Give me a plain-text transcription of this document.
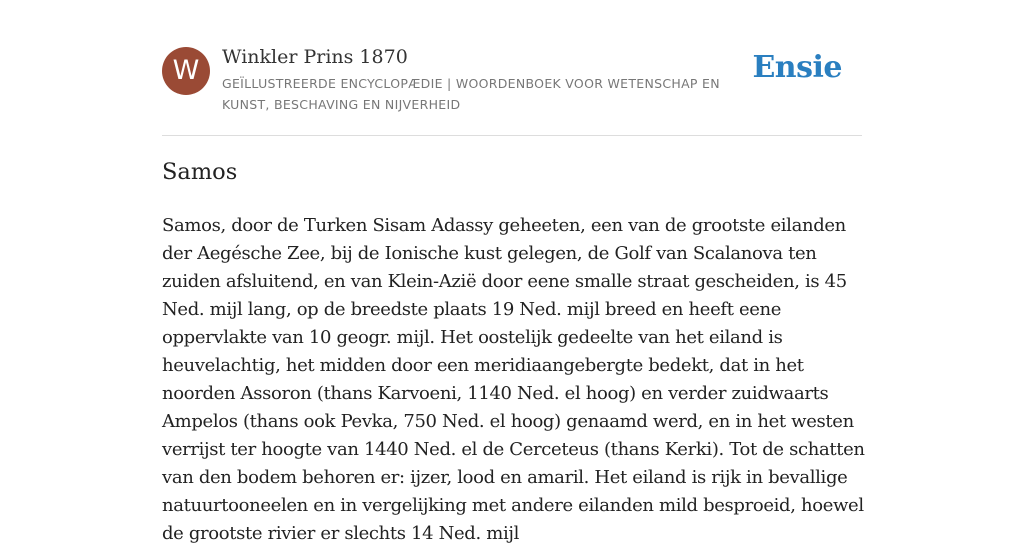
W	Winkler Prins 1870
GEÏLLUSTREERDE ENCYCLOPÆDIE | WOORDENBOEK VOOR WETENSCHAP EN KUNST, BESCHAVING EN NIJVERHEID
Ensie
Samos

Samos, door de Turken Sisam Adassy geheeten, een van de grootste eilanden der Aegésche Zee, bij de Ionische kust gelegen, de Golf van Scalanova ten zuiden afsluitend, en van Klein-Azië door eene smalle straat gescheiden, is 45 Ned. mijl lang, op de breedste plaats 19 Ned. mijl breed en heeft eene oppervlakte van 10 geogr. mijl. Het oostelijk gedeelte van het eiland is heuvelachtig, het midden door een meridiaangebergte bedekt, dat in het noorden Assoron (thans Karvoeni, 1140 Ned. el hoog) en verder zuidwaarts Ampelos (thans ook Pevka, 750 Ned. el hoog) genaamd werd, en in het westen verrijst ter hoogte van 1440 Ned. el de Cerceteus (thans Kerki). Tot de schatten van den bodem behoren er: ijzer, lood en amaril. Het eiland is rijk in bevallige natuurtooneelen en in vergelijking met andere eilanden mild besproeid, hoewel de grootste rivier er slechts 14 Ned. mijl
